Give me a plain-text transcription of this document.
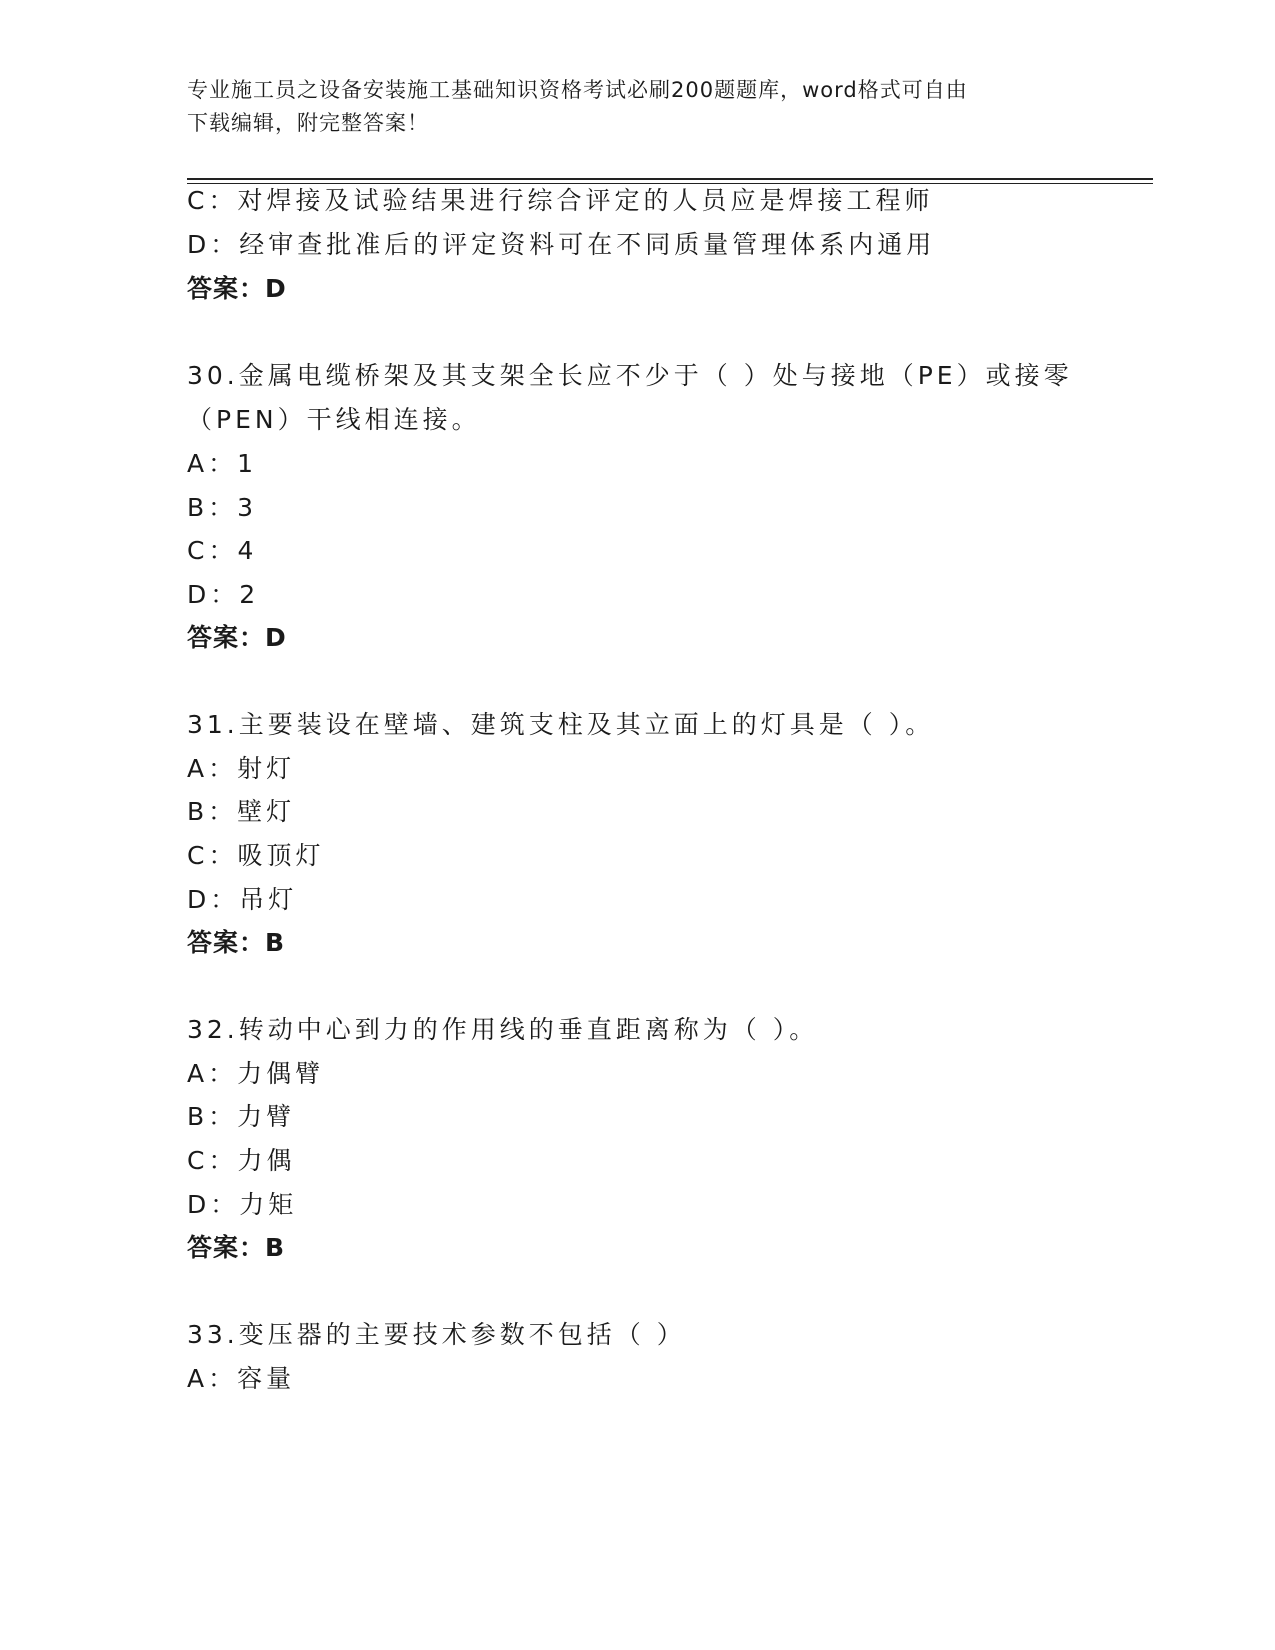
专业施工员之设备安装施工基础知识资格考试必刷200题题库，word格式可自由
下载编辑，附完整答案！
C：对焊接及试验结果进行综合评定的人员应是焊接工程师
D：经审查批准后的评定资料可在不同质量管理体系内通用
答案：D
30.金属电缆桥架及其支架全长应不少于（ ）处与接地（PE）或接零
（PEN）干线相连接。
A：1
B：3
C：4
D：2
答案：D
31.主要装设在壁墙、建筑支柱及其立面上的灯具是（ ）。
A：射灯
B：壁灯
C：吸顶灯
D：吊灯
答案：B
32.转动中心到力的作用线的垂直距离称为（ ）。
A：力偶臂
B：力臂
C：力偶
D：力矩
答案：B
33.变压器的主要技术参数不包括（ ）
A：容量
